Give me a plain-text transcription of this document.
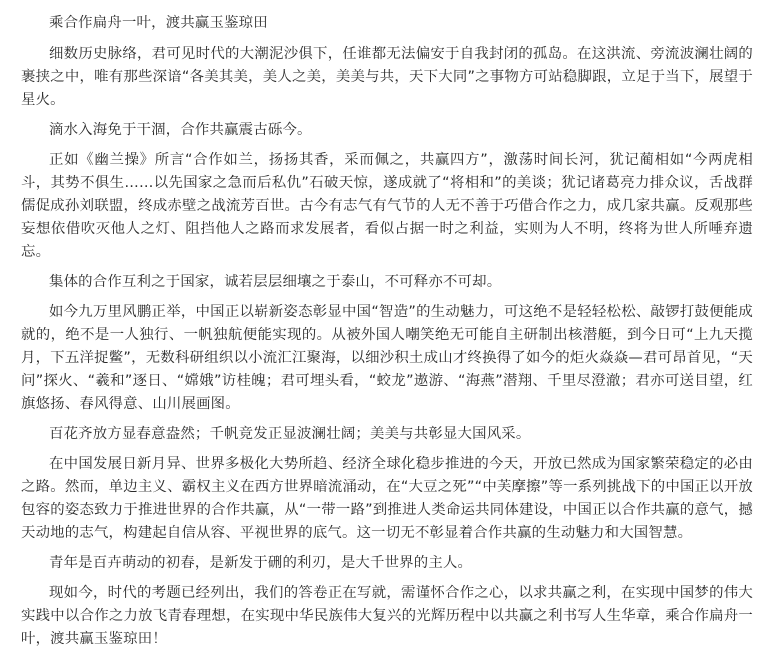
乘合作扁舟一叶，渡共赢玉鉴琼田

细数历史脉络，君可见时代的大潮泥沙俱下，任谁都无法偏安于自我封闭的孤岛。在这洪流、旁流波澜壮阔的裹挟之中，唯有那些深谙“各美其美，美人之美，美美与共，天下大同”之事物方可站稳脚跟，立足于当下，展望于星火。

滴水入海免于干涸，合作共赢震古砾今。

正如《幽兰操》所言“合作如兰，扬扬其香，采而佩之，共赢四方”，激荡时间长河，犹记蔺相如“今两虎相斗，其势不俱生……以先国家之急而后私仇”石破天惊，遂成就了“将相和”的美谈；犹记诸葛亮力排众议，舌战群儒促成孙刘联盟，终成赤壁之战流芳百世。古今有志气有气节的人无不善于巧借合作之力，成几家共赢。反观那些妄想依借吹灭他人之灯、阻挡他人之路而求发展者，看似占据一时之利益，实则为人不明，终将为世人所唾弃遗忘。

集体的合作互利之于国家，诚若层层细壤之于泰山，不可释亦不可却。

如今九万里风鹏正举，中国正以崭新姿态彰显中国“智造”的生动魅力，可这绝不是轻轻松松、敲锣打鼓便能成就的，绝不是一人独行、一帆独航便能实现的。从被外国人嘲笑绝无可能自主研制出核潜艇，到今日可“上九天揽月，下五洋捉鳖”，无数科研组织以小流汇江聚海，以细沙积土成山才终换得了如今的炬火焱焱—君可昂首见，“天问”探火、“羲和”逐日、“嫦娥”访桂魄；君可埋头看，“蛟龙”遨游、“海燕”潜翔、千里尽澄澈；君亦可送目望，红旗悠扬、春风得意、山川展画图。

百花齐放方显春意盎然；千帆竞发正显波澜壮阔；美美与共彰显大国风采。

在中国发展日新月异、世界多极化大势所趋、经济全球化稳步推进的今天，开放已然成为国家繁荣稳定的必由之路。然而，单边主义、霸权主义在西方世界暗流涌动，在“大豆之死”“中芙摩擦”等一系列挑战下的中国正以开放包容的姿态致力于推进世界的合作共赢，从“一带一路”到推进人类命运共同体建设，中国正以合作共赢的意气，撼天动地的志气，构建起自信从容、平视世界的底气。这一切无不彰显着合作共赢的生动魅力和大国智慧。

青年是百卉萌动的初春，是新发于硎的利刃，是大千世界的主人。

现如今，时代的考题已经列出，我们的答卷正在写就，需谨怀合作之心，以求共赢之利，在实现中国梦的伟大实践中以合作之力放飞青春理想，在实现中华民族伟大复兴的光辉历程中以共赢之利书写人生华章，乘合作扁舟一叶，渡共赢玉鉴琼田！
